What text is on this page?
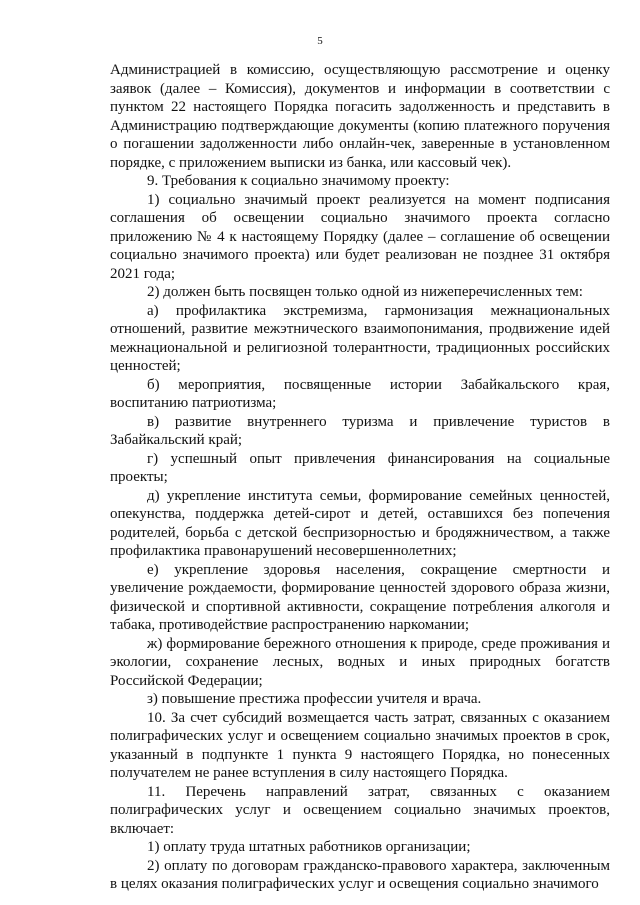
5

Администрацией в комиссию, осуществляющую рассмотрение и оценку заявок (далее – Комиссия), документов и информации в соответствии с пунктом 22 настоящего Порядка погасить задолженность и представить в Администрацию подтверждающие документы (копию платежного поручения о погашении задолженности либо онлайн-чек, заверенные в установленном порядке, с приложением выписки из банка, или кассовый чек).

9. Требования к социально значимому проекту:

1) социально значимый проект реализуется на момент подписания соглашения об освещении социально значимого проекта согласно приложению № 4 к настоящему Порядку (далее – соглашение об освещении социально значимого проекта) или будет реализован не позднее 31 октября 2021 года;

2) должен быть посвящен только одной из нижеперечисленных тем:

а) профилактика экстремизма, гармонизация межнациональных отношений, развитие межэтнического взаимопонимания, продвижение идей межнациональной и религиозной толерантности, традиционных российских ценностей;

б) мероприятия, посвященные истории Забайкальского края, воспитанию патриотизма;

в) развитие внутреннего туризма и привлечение туристов в Забайкальский край;

г) успешный опыт привлечения финансирования на социальные проекты;

д) укрепление института семьи, формирование семейных ценностей, опекунства, поддержка детей-сирот и детей, оставшихся без попечения родителей, борьба с детской беспризорностью и бродяжничеством, а также профилактика правонарушений несовершеннолетних;

е) укрепление здоровья населения, сокращение смертности и увеличение рождаемости, формирование ценностей здорового образа жизни, физической и спортивной активности, сокращение потребления алкоголя и табака, противодействие распространению наркомании;

ж) формирование бережного отношения к природе, среде проживания и экологии, сохранение лесных, водных и иных природных богатств Российской Федерации;

з) повышение престижа профессии учителя и врача.

10. За счет субсидий возмещается часть затрат, связанных с оказанием полиграфических услуг и освещением социально значимых проектов в срок, указанный в подпункте 1 пункта 9 настоящего Порядка, но понесенных получателем не ранее вступления в силу настоящего Порядка.

11. Перечень направлений затрат, связанных с оказанием полиграфических услуг и освещением социально значимых проектов, включает:

1) оплату труда штатных работников организации;

2) оплату по договорам гражданско-правового характера, заключенным в целях оказания полиграфических услуг и освещения социально значимого
